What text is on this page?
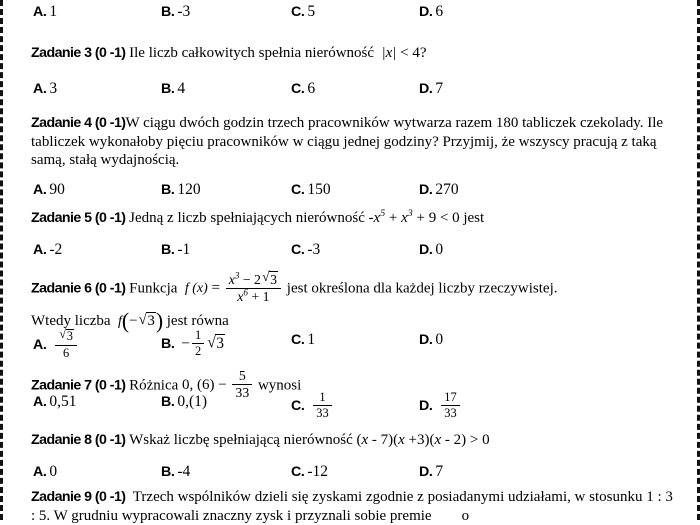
A. 1	B. -3	C. 5	D. 6
Zadanie 3 (0 -1) Ile liczb całkowitych spełnia nierówność |x| < 4?
A. 3	B. 4	C. 6	D. 7
Zadanie 4 (0 -1)W ciągu dwóch godzin trzech pracowników wytwarza razem 180 tabliczek czekolady. Ile tabliczek wykonałoby pięciu pracowników w ciągu jednej godziny? Przyjmij, że wszyscy pracują z taką samą, stałą wydajnością.
A. 90	B. 120	C. 150	D. 270
Zadanie 5 (0 -1) Jedną z liczb spełniających nierówność $-x^5 + x^3 + 9 < 0$ jest
A. -2	B. -1	C. -3	D. 0
Zadanie 6 (0 -1) Funkcja f $(x) = \frac{x^3 - 2 √ 3}{x^6 + 1}$ jest określona dla każdej liczby rzeczywistej.
Wtedy liczba f(− √ 3) jest równa
A. √ $\frac{3}{6}$	B. − $\frac{1}{2}$ √ 3	C. 1	D. 0
Zadanie 7 (0 -1) Różnica 0, $(6) - \frac{5}{33}$ wynosi
A. 0,51	B. 0,(1)	C. $\frac{1}{33}$	D. $\frac{17}{33}$
Zadanie 8 (0 -1) Wskaż liczbę spełniającą nierówność (x - 7)(x +3)(x - 2) > 0
A. 0	B. -4	C. -12	D. 7
Zadanie 9 (0 -1) Trzech wspólników dzieli się zyskami zgodnie z posiadanymi udziałami, w stosunku 1 : 3 : 5. W grudniu wypracowali znaczny zysk i przyznali sobie premie o
